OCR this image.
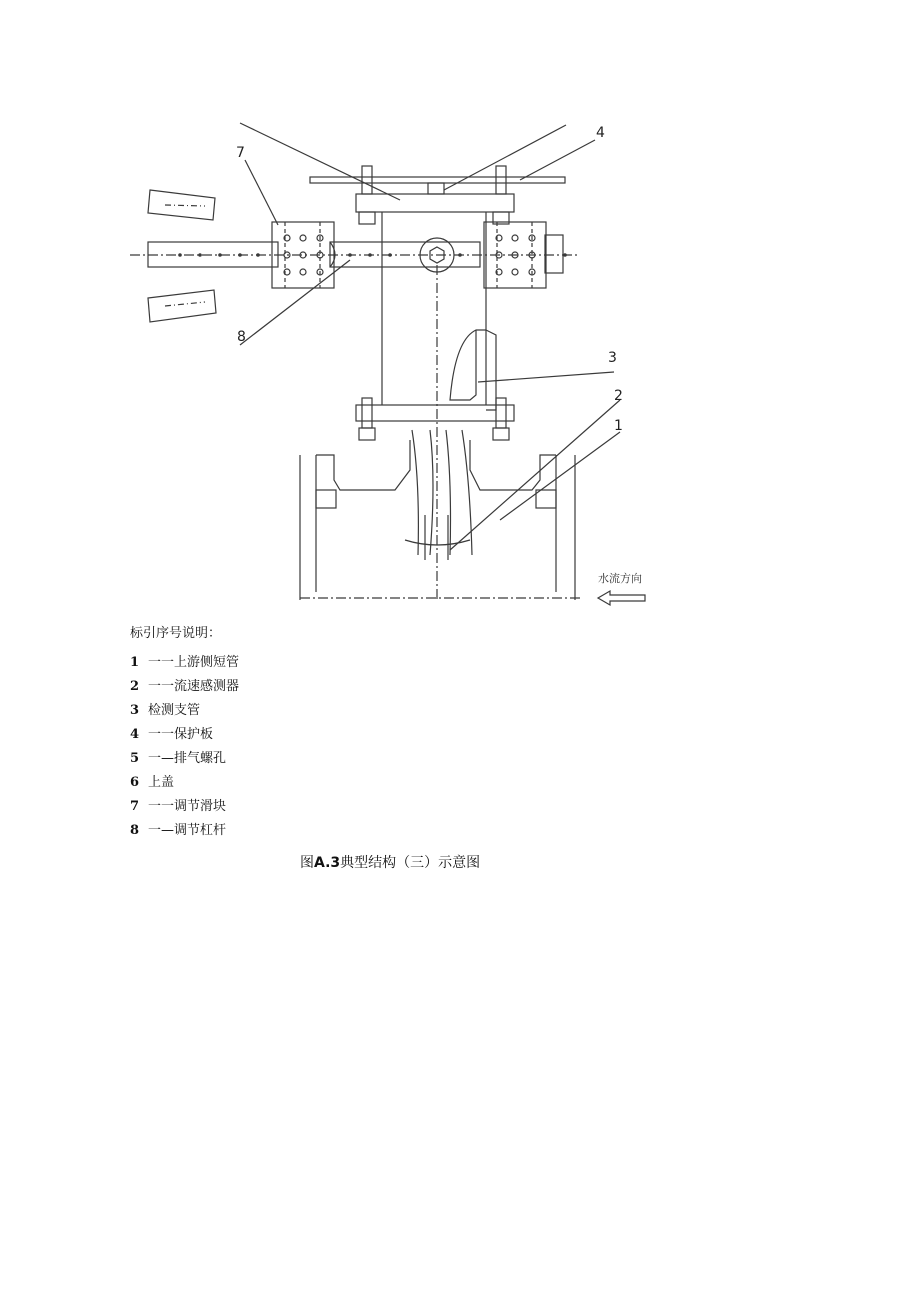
7
4
8
3
2
1
水流方向
标引序号说明：
1 一一上游侧短管
2 一一流速感测器
3 检测支管
4 一一保护板
5 一—排气螺孔
6 上盖
7 一一调节滑块
8 一—调节杠杆
图A.3典型结构（三）示意图
